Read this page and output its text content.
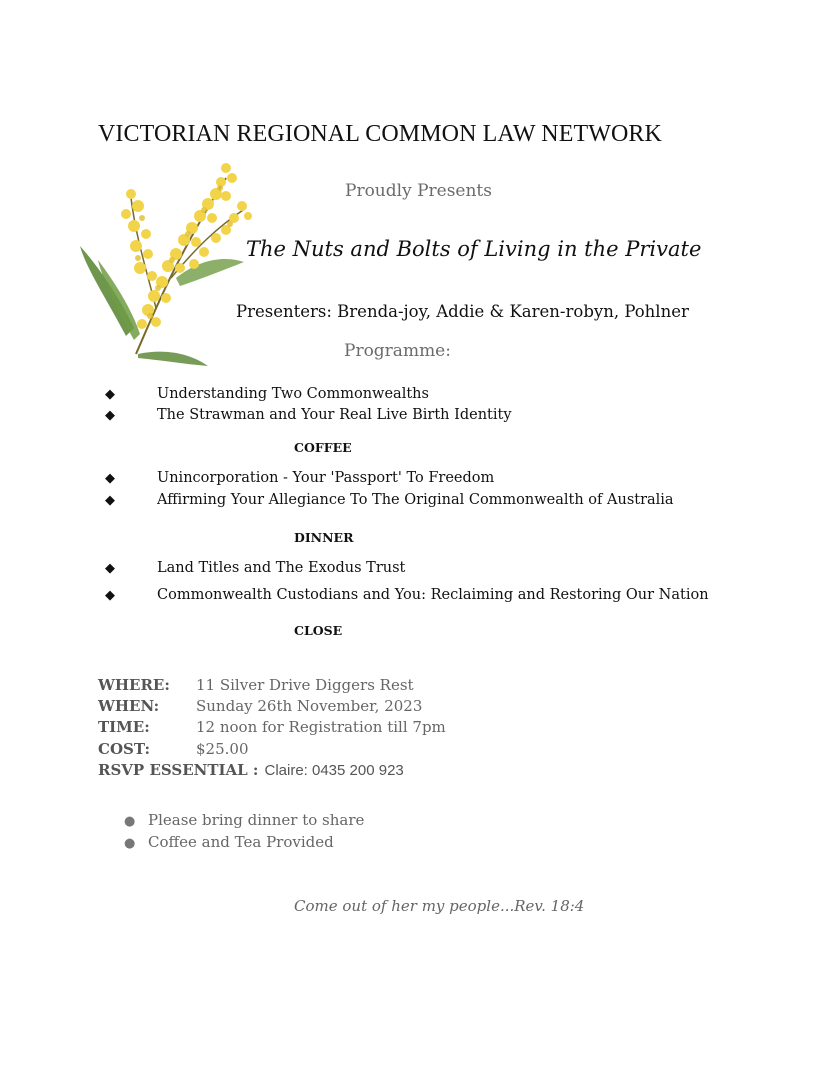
VICTORIAN REGIONAL COMMON LAW NETWORK
Proudly Presents
The Nuts and Bolts of Living in the Private
Presenters: Brenda-joy, Addie & Karen-robyn, Pohlner
Programme:
◆	Understanding Two Commonwealths
◆	The Strawman and Your Real Live Birth Identity
COFFEE
◆	Unincorporation - Your 'Passport' To Freedom
◆	Affirming Your Allegiance To The Original Commonwealth of Australia
DINNER
◆	Land Titles and The Exodus Trust
◆	Commonwealth Custodians and You: Reclaiming and Restoring Our Nation
CLOSE
WHERE: 11 Silver Drive Diggers Rest
WHEN: Sunday 26th November, 2023
TIME:	12 noon for Registration till 7pm
COST:	$25.00
RSVP ESSENTIAL : Claire: 0435 200 923
● Please bring dinner to share
● Coffee and Tea Provided
Come out of her my people...Rev. 18:4
